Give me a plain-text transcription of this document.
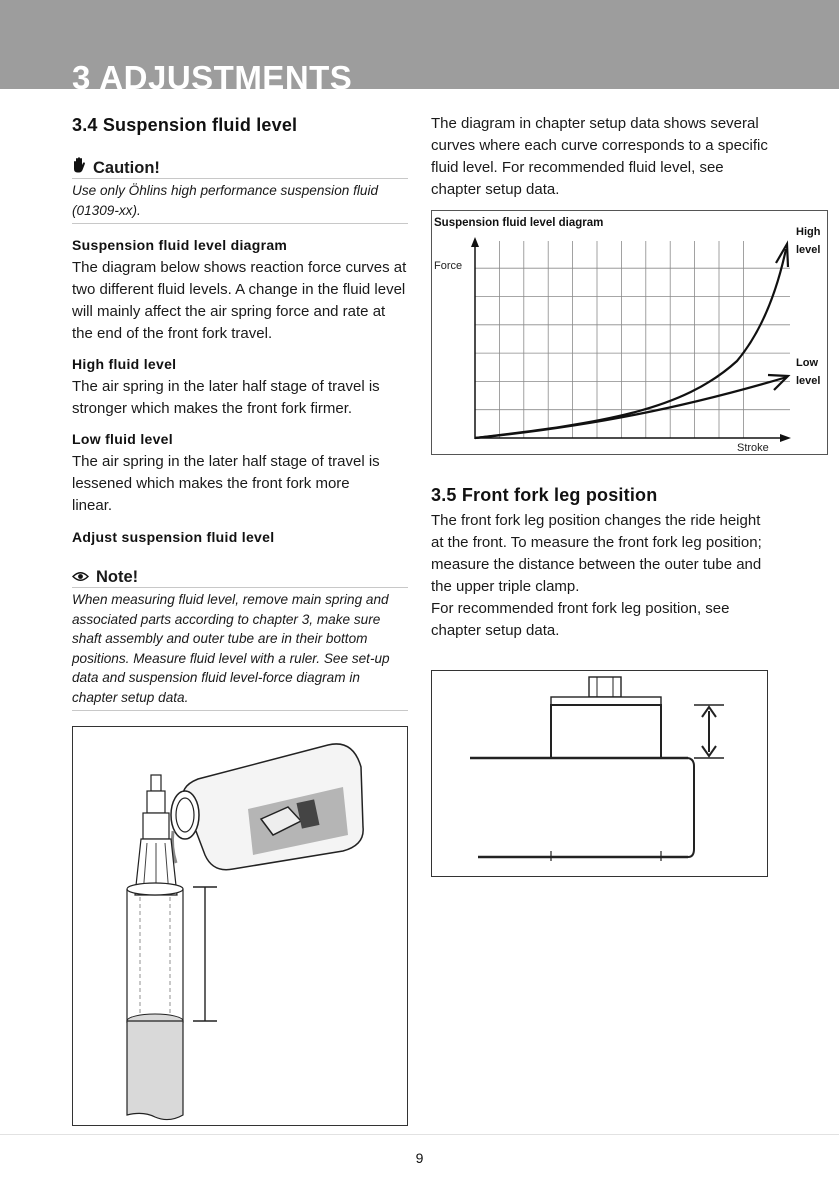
3 ADJUSTMENTS
3.4 Suspension fluid level
Caution!
Use only Öhlins high performance suspension fluid (01309-xx).
Suspension fluid level diagram

The diagram below shows reaction force curves at two different fluid levels. A change in the fluid level will mainly affect the air spring force and rate at the end of the front fork travel.

High fluid level

The air spring in the later half stage of travel is stronger which makes the front fork firmer.

Low fluid level

The air spring in the later half stage of travel is lessened which makes the front fork more linear.

Adjust suspension fluid level
Note!
When measuring fluid level, remove main spring and associated parts according to chapter 3, make sure shaft assembly and outer tube are in their bottom positions. Measure fluid level with a ruler. See set-up data and suspension fluid level-force diagram in chapter setup data.

The diagram in chapter setup data shows several curves where each curve corresponds to a specific fluid level. For recommended fluid level, see chapter setup data.

Suspension fluid level diagram
Force
Stroke
High
level
Low
level
3.5 Front fork leg position

The front fork leg position changes the ride height at the front. To measure the front fork leg position; measure the distance between the outer tube and the upper triple clamp.

For recommended front fork leg position, see chapter setup data.

9
